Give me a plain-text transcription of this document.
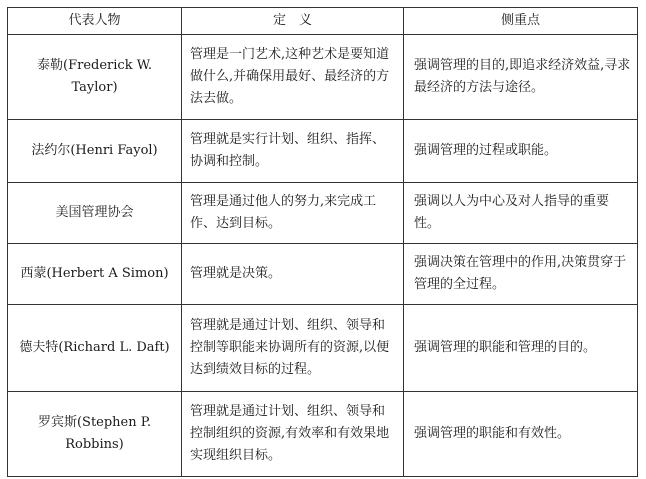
代表人物	定　义	侧重点
泰勒(Frederick W. Taylor)	管理是一门艺术,这种艺术是要知道做什么,并确保用最好、最经济的方法去做。	强调管理的目的,即追求经济效益,寻求最经济的方法与途径。
法约尔(Henri Fayol)	管理就是实行计划、组织、指挥、协调和控制。	强调管理的过程或职能。
美国管理协会	管理是通过他人的努力,来完成工作、达到目标。	强调以人为中心及对人指导的重要性。
西蒙(Herbert A Simon)	管理就是决策。	强调决策在管理中的作用,决策贯穿于管理的全过程。
德夫特(Richard L. Daft)	管理就是通过计划、组织、领导和控制等职能来协调所有的资源,以便达到绩效目标的过程。	强调管理的职能和管理的目的。
罗宾斯(Stephen P. Robbins)	管理就是通过计划、组织、领导和控制组织的资源,有效率和有效果地实现组织目标。	强调管理的职能和有效性。
